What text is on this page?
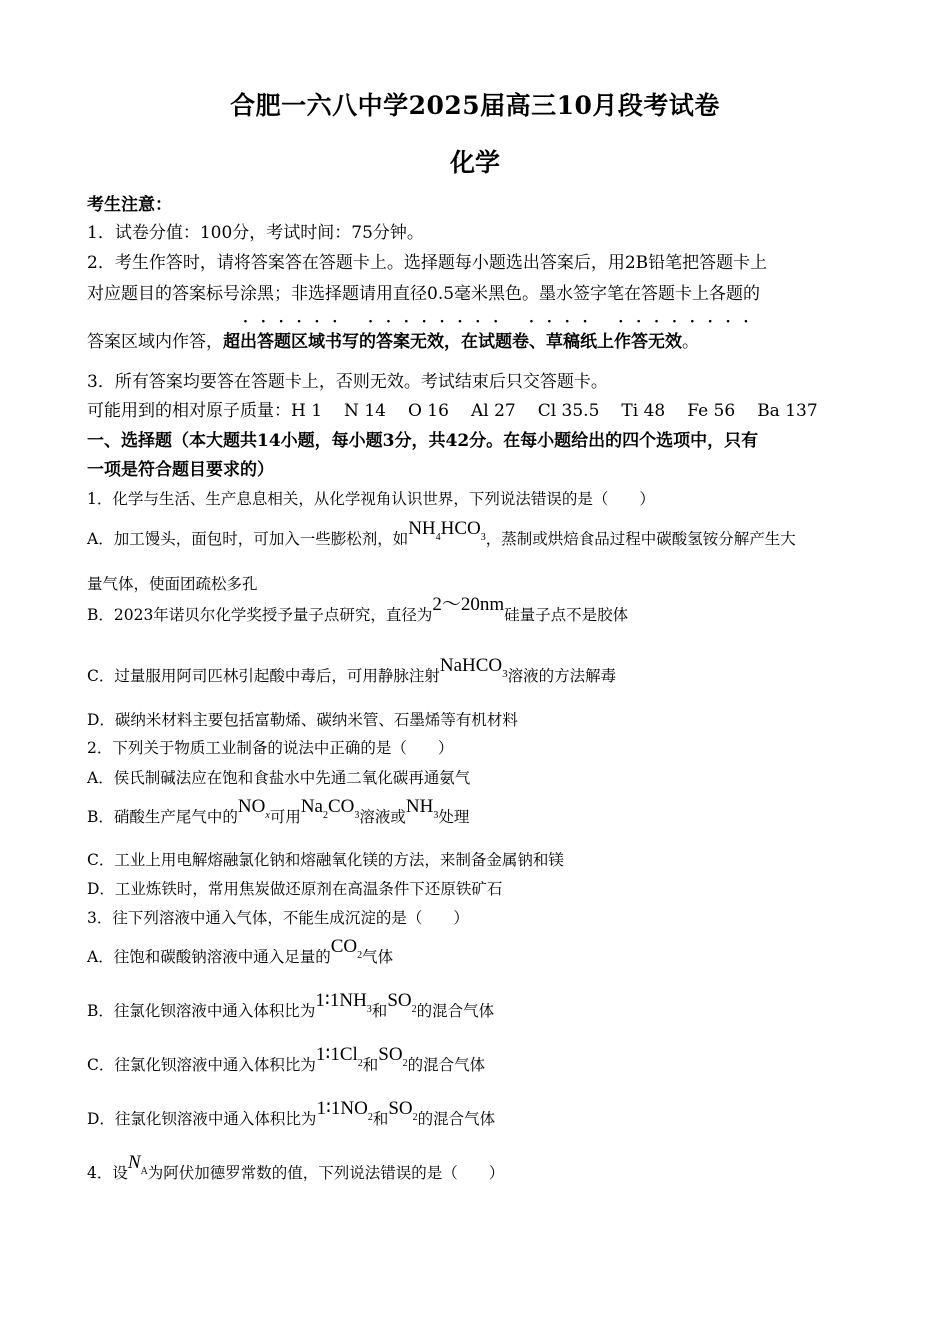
合肥一六八中学2025届高三10月段考试卷
化学
考生注意：
1．试卷分值：100分，考试时间：75分钟。
2．考生作答时，请将答案答在答题卡上。选择题每小题选出答案后，用2B铅笔把答题卡上
对应题目的答案标号涂黑；非选择题请用直径0.5毫米黑色。墨水签字笔在答题卡上各题的
······ ········ ···· ········
答案区域内作答，超出答题区域书写的答案无效，在试题卷、草稿纸上作答无效。
3．所有答案均要答在答题卡上，否则无效。考试结束后只交答题卡。
可能用到的相对原子质量：H 1 N 14 O 16 Al 27 Cl 35.5 Ti 48 Fe 56 Ba 137
一、选择题（本大题共14小题，每小题3分，共42分。在每小题给出的四个选项中，只有
一项是符合题目要求的）
1．化学与生活、生产息息相关，从化学视角认识世界，下列说法错误的是（　　）
A．加工馒头，面包时，可加入一些膨松剂，如$NH^4HCO^3$，蒸制或烘焙食品过程中碳酸氢铵分解产生大
量气体，使面团疏松多孔
B．2023年诺贝尔化学奖授予量子点研究，直径为2～20nm硅量子点不是胶体
C．过量服用阿司匹林引起酸中毒后，可用静脉注射NaHCO$^3$溶液的方法解毒
D．碳纳米材料主要包括富勒烯、碳纳米管、石墨烯等有机材料
2．下列关于物质工业制备的说法中正确的是（　　）
A．侯氏制碱法应在饱和食盐水中先通二氧化碳再通氨气
B．硝酸生产尾气中的$NO^x$可用$Na^2CO^3$溶液或$NH^3$处理
C．工业上用电解熔融氯化钠和熔融氧化镁的方法，来制备金属钠和镁
D．工业炼铁时，常用焦炭做还原剂在高温条件下还原铁矿石
3．往下列溶液中通入气体，不能生成沉淀的是（　　）
A．往饱和碳酸钠溶液中通入足量的$CO^2$气体
B．往氯化钡溶液中通入体积比为$1∶1NH^3$和$SO^2$的混合气体
C．往氯化钡溶液中通入体积比为1∶1Cl$^2$和$SO^2$的混合气体
D．往氯化钡溶液中通入体积比为$1∶1NO^2$和$SO^2$的混合气体
4．设$N^A$为阿伏加德罗常数的值，下列说法错误的是（　　）
